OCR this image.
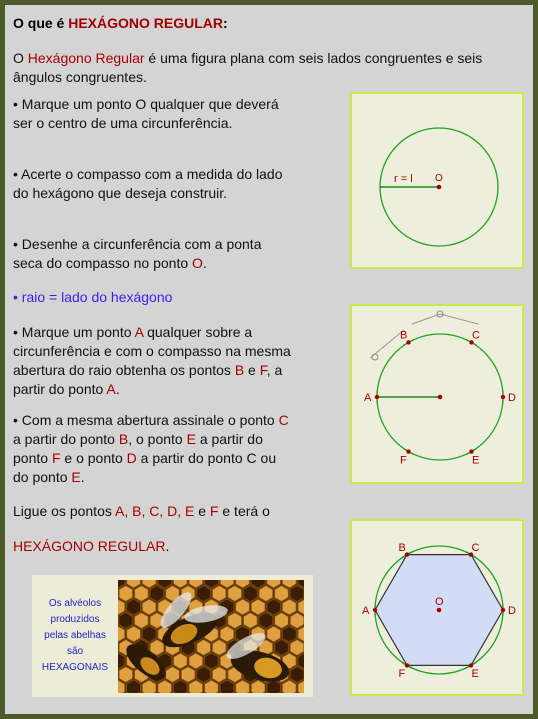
O que é HEXÁGONO REGULAR:
O Hexágono Regular é uma figura plana com seis lados congruentes e seis
ângulos congruentes.
• Marque um ponto O qualquer que deverá
ser o centro de uma circunferência.
• Acerte o compasso com a medida do lado
do hexágono que deseja construir.
• Desenhe a circunferência com a ponta
seca do compasso no ponto O.
• raio = lado do hexágono
• Marque um ponto A qualquer sobre a
circunferência e com o compasso na mesma
abertura do raio obtenha os pontos B e F, a
partir do ponto A.
• Com a mesma abertura assinale o ponto C
a partir do ponto B, o ponto E a partir do
ponto F e o ponto D a partir do ponto C ou
do ponto E.
Ligue os pontos A, B, C, D, E e F e terá o
HEXÁGONO REGULAR.
r = l O
A
B	C
D
E
F
O
A
B	C
D
E
F
Os alvéolos
produzidos
pelas abelhas
são
HEXAGONAIS
